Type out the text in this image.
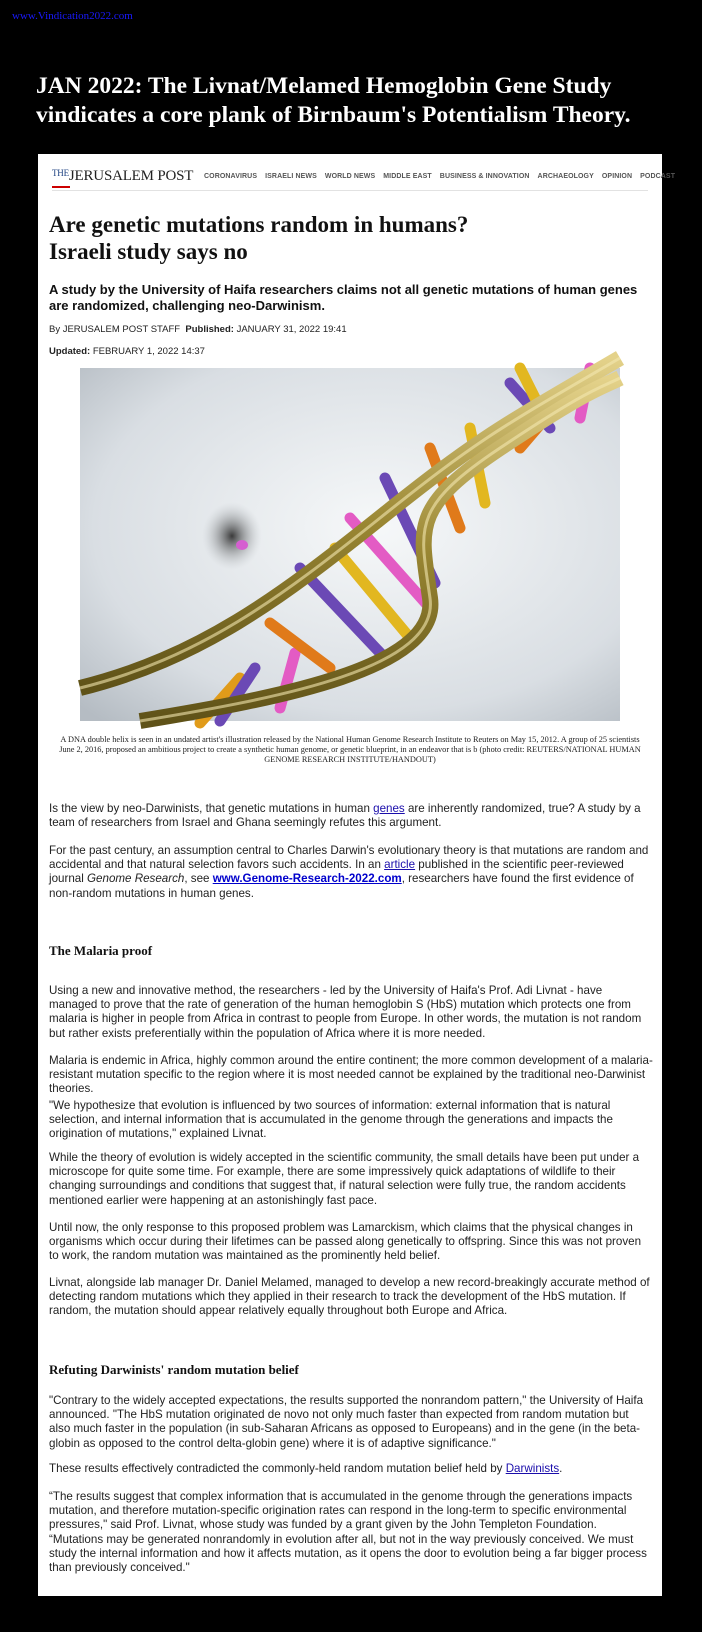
www.Vindication2022.com
JAN 2022: The Livnat/Melamed Hemoglobin Gene Study vindicates a core plank of Birnbaum's Potentialism Theory.
$^{THE}$JERUSALEM POST CORONAVIRUS ISRAELI NEWS WORLD NEWS MIDDLE EAST BUSINESS & INNOVATION ARCHAEOLOGY OPINION PODCAST
Are genetic mutations random in humans?
Israeli study says no

A study by the University of Haifa researchers claims not all genetic mutations of human genes are randomized, challenging neo-Darwinism.

By JERUSALEM POST STAFF Published: JANUARY 31, 2022 19:41
Updated: FEBRUARY 1, 2022 14:37

A DNA double helix is seen in an undated artist's illustration released by the National Human Genome Research Institute to Reuters on May 15, 2012. A group of 25 scientists June 2, 2016, proposed an ambitious project to create a synthetic human genome, or genetic blueprint, in an endeavor that is b (photo credit: REUTERS/NATIONAL HUMAN GENOME RESEARCH INSTITUTE/HANDOUT)

Is the view by neo-Darwinists, that genetic mutations in human genes are inherently randomized, true? A study by a team of researchers from Israel and Ghana seemingly refutes this argument.

For the past century, an assumption central to Charles Darwin's evolutionary theory is that mutations are random and accidental and that natural selection favors such accidents. In an article published in the scientific peer-reviewed journal Genome Research, see www.Genome-Research-2022.com, researchers have found the first evidence of non-random mutations in human genes.

The Malaria proof

Using a new and innovative method, the researchers - led by the University of Haifa's Prof. Adi Livnat - have managed to prove that the rate of generation of the human hemoglobin S (HbS) mutation which protects one from malaria is higher in people from Africa in contrast to people from Europe. In other words, the mutation is not random but rather exists preferentially within the population of Africa where it is more needed.

Malaria is endemic in Africa, highly common around the entire continent; the more common development of a malaria-resistant mutation specific to the region where it is most needed cannot be explained by the traditional neo-Darwinist theories.

"We hypothesize that evolution is influenced by two sources of information: external information that is natural selection, and internal information that is accumulated in the genome through the generations and impacts the origination of mutations," explained Livnat.

While the theory of evolution is widely accepted in the scientific community, the small details have been put under a microscope for quite some time. For example, there are some impressively quick adaptations of wildlife to their changing surroundings and conditions that suggest that, if natural selection were fully true, the random accidents mentioned earlier were happening at an astonishingly fast pace.

Until now, the only response to this proposed problem was Lamarckism, which claims that the physical changes in organisms which occur during their lifetimes can be passed along genetically to offspring. Since this was not proven to work, the random mutation was maintained as the prominently held belief.

Livnat, alongside lab manager Dr. Daniel Melamed, managed to develop a new record-breakingly accurate method of detecting random mutations which they applied in their research to track the development of the HbS mutation. If random, the mutation should appear relatively equally throughout both Europe and Africa.

Refuting Darwinists' random mutation belief

"Contrary to the widely accepted expectations, the results supported the nonrandom pattern," the University of Haifa announced. "The HbS mutation originated de novo not only much faster than expected from random mutation but also much faster in the population (in sub-Saharan Africans as opposed to Europeans) and in the gene (in the beta-globin as opposed to the control delta-globin gene) where it is of adaptive significance."

These results effectively contradicted the commonly-held random mutation belief held by Darwinists.

“The results suggest that complex information that is accumulated in the genome through the generations impacts mutation, and therefore mutation-specific origination rates can respond in the long-term to specific environmental pressures," said Prof. Livnat, whose study was funded by a grant given by the John Templeton Foundation. “Mutations may be generated nonrandomly in evolution after all, but not in the way previously conceived. We must study the internal information and how it affects mutation, as it opens the door to evolution being a far bigger process than previously conceived."
